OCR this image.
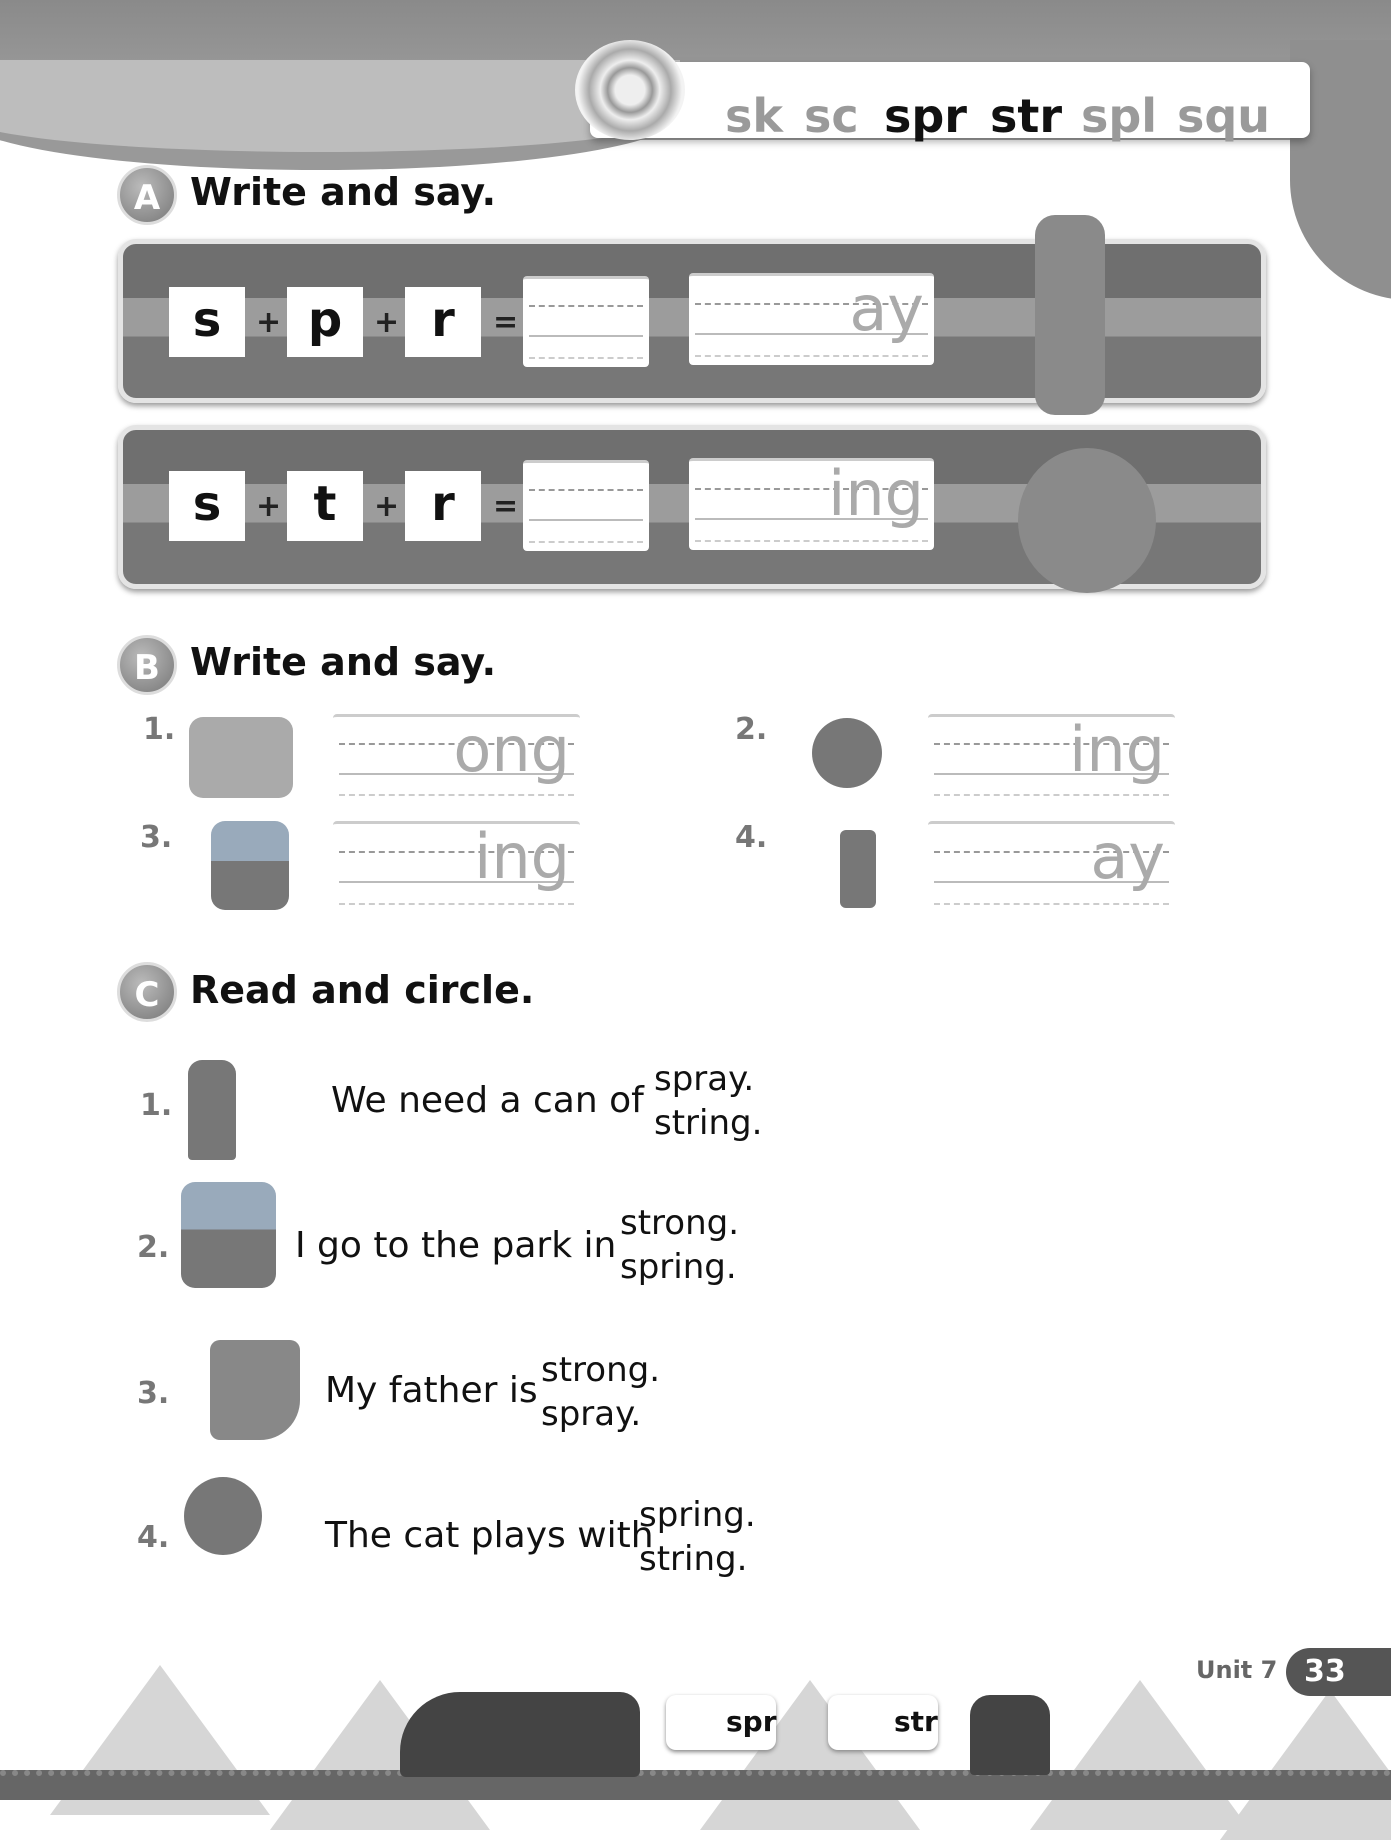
sk sc spr str spl squ
A Write and say.
s	+ p	+ r	=	ay
s	+ t	+ r	=	ing
B Write and say.
1.	ong	2.	ing
3.	ing	4.	ay
C Read and circle.
1.	We need a can of
spray.
string.
2.	I go to the park in
strong.
spring.
3.	My father is strong.
spray.
4.	The cat plays with
spring.
string.
spr	str
Unit 7 33
